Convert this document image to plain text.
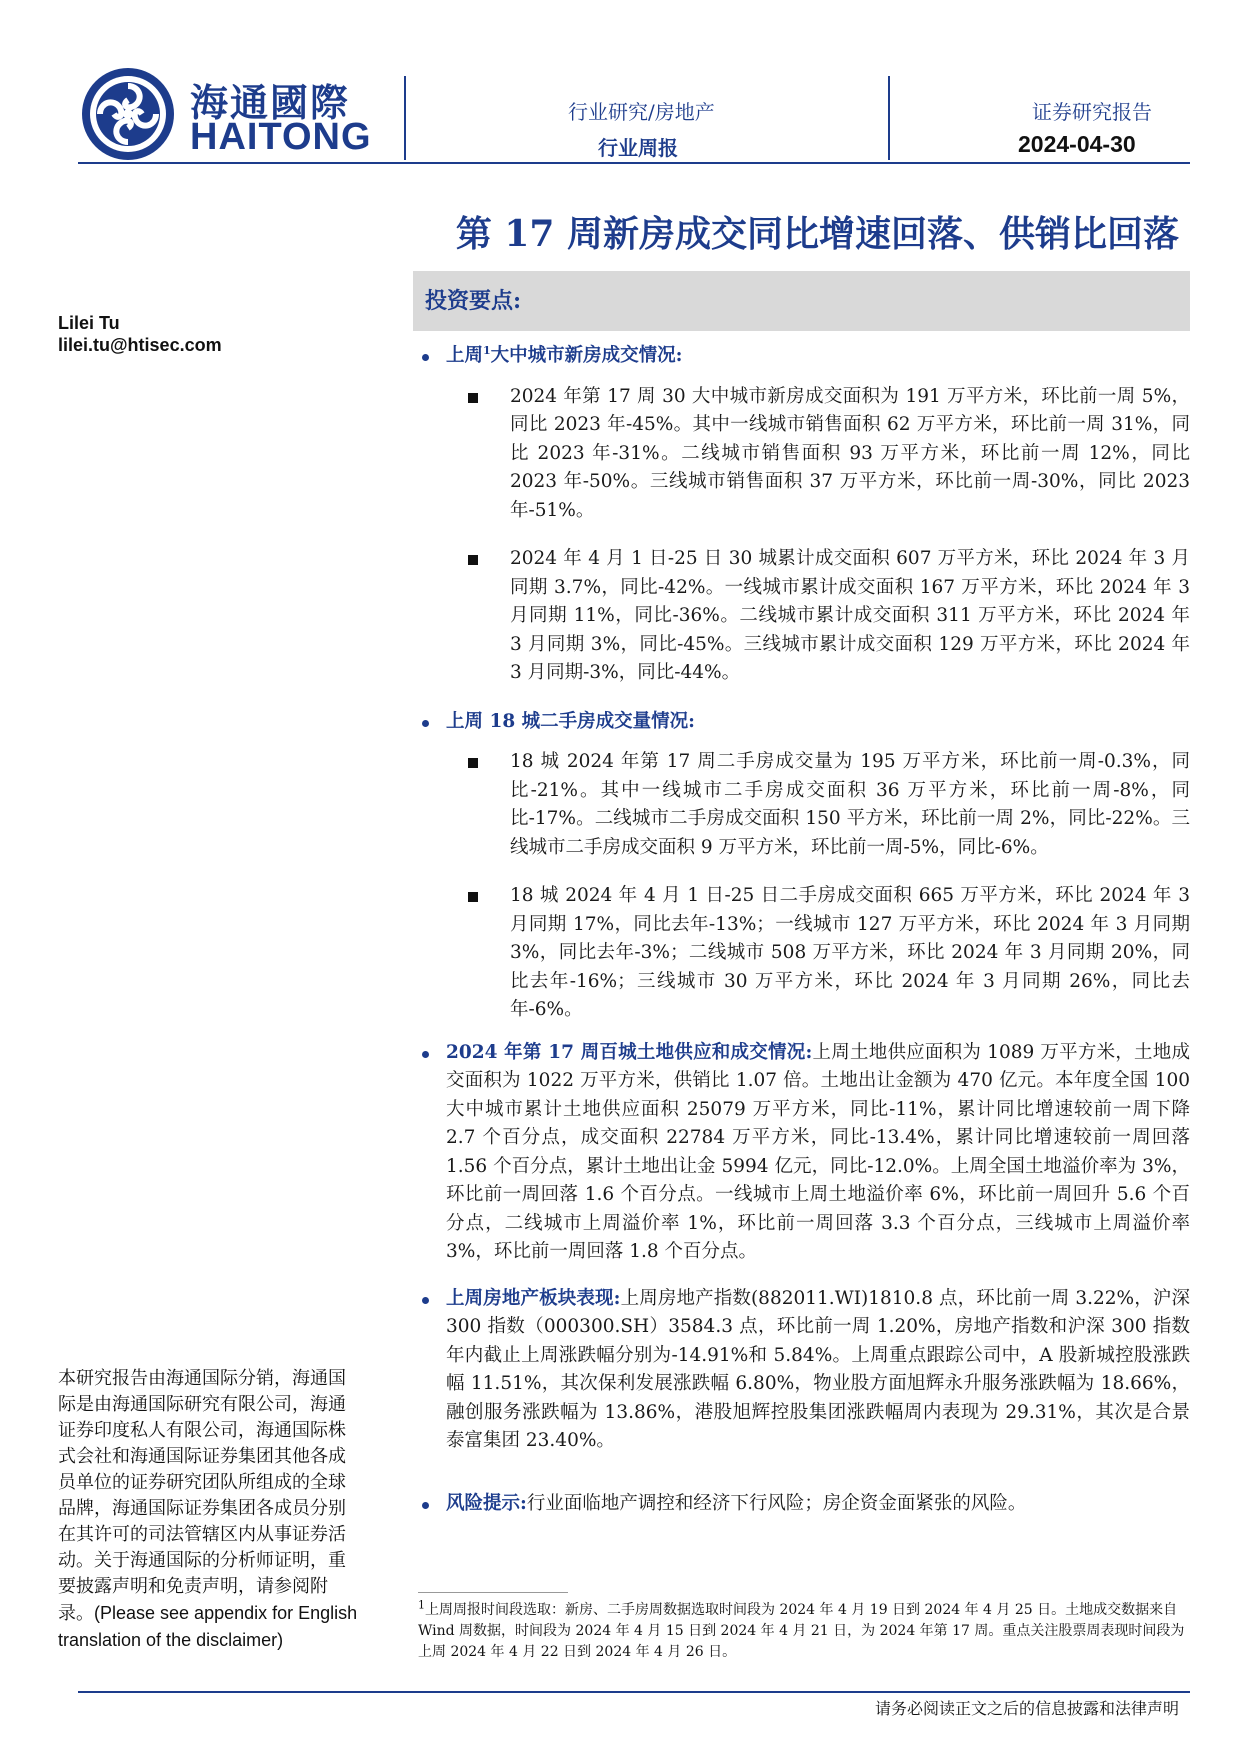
海通國際
HAITONG
行业研究/房地产
行业周报
证券研究报告
2024-04-30
第 17 周新房成交同比增速回落、供销比回落
投资要点:
Lilei Tu
lilei.tu@htisec.com	上周$^1$大中城市新房成交情况:
2024 年第 17 周 30 大中城市新房成交面积为 191 万平方米，环比前一周 5%，同比 2023 年-45%。其中一线城市销售面积 62 万平方米，环比前一周 31%，同比 2023 年-31%。二线城市销售面积 93 万平方米，环比前一周 12%，同比 2023 年-50%。三线城市销售面积 37 万平方米，环比前一周-30%，同比 2023 年-51%。
2024 年 4 月 1 日-25 日 30 城累计成交面积 607 万平方米，环比 2024 年 3 月同期 3.7%，同比-42%。一线城市累计成交面积 167 万平方米，环比 2024 年 3 月同期 11%，同比-36%。二线城市累计成交面积 311 万平方米，环比 2024 年 3 月同期 3%，同比-45%。三线城市累计成交面积 129 万平方米，环比 2024 年 3 月同期-3%，同比-44%。
上周 18 城二手房成交量情况:
18 城 2024 年第 17 周二手房成交量为 195 万平方米，环比前一周-0.3%，同比-21%。其中一线城市二手房成交面积 36 万平方米，环比前一周-8%，同比-17%。二线城市二手房成交面积 150 平方米，环比前一周 2%，同比-22%。三线城市二手房成交面积 9 万平方米，环比前一周-5%，同比-6%。
18 城 2024 年 4 月 1 日-25 日二手房成交面积 665 万平方米，环比 2024 年 3 月同期 17%，同比去年-13%；一线城市 127 万平方米，环比 2024 年 3 月同期 3%，同比去年-3%；二线城市 508 万平方米，环比 2024 年 3 月同期 20%，同比去年-16%；三线城市 30 万平方米，环比 2024 年 3 月同期 26%，同比去年-6%。
2024 年第 17 周百城土地供应和成交情况:上周土地供应面积为 1089 万平方米，土地成交面积为 1022 万平方米，供销比 1.07 倍。土地出让金额为 470 亿元。本年度全国 100 大中城市累计土地供应面积 25079 万平方米，同比-11%，累计同比增速较前一周下降 2.7 个百分点，成交面积 22784 万平方米，同比-13.4%，累计同比增速较前一周回落 1.56 个百分点，累计土地出让金 5994 亿元，同比-12.0%。上周全国土地溢价率为 3%，环比前一周回落 1.6 个百分点。一线城市上周土地溢价率 6%，环比前一周回升 5.6 个百分点，二线城市上周溢价率 1%，环比前一周回落 3.3 个百分点，三线城市上周溢价率 3%，环比前一周回落 1.8 个百分点。
上周房地产板块表现:上周房地产指数(882011.WI)1810.8 点，环比前一周 3.22%，沪深 300 指数（000300.SH）3584.3 点，环比前一周 1.20%，房地产指数和沪深 300 指数年内截止上周涨跌幅分别为-14.91%和 5.84%。上周重点跟踪公司中，A 股新城控股涨跌幅 11.51%，其次保利发展涨跌幅 6.80%，物业股方面旭辉永升服务涨跌幅为 18.66%，融创服务涨跌幅为 13.86%，港股旭辉控股集团涨跌幅周内表现为 29.31%，其次是合景泰富集团 23.40%。
风险提示:行业面临地产调控和经济下行风险；房企资金面紧张的风险。
本研究报告由海通国际分销，海通国际是由海通国际研究有限公司，海通证券印度私人有限公司，海通国际株式会社和海通国际证券集团其他各成员单位的证券研究团队所组成的全球品牌，海通国际证券集团各成员分别在其许可的司法管辖区内从事证券活动。关于海通国际的分析师证明，重要披露声明和免责声明，请参阅附录。(Please see appendix for English translation of the disclaimer)
$^1$上周周报时间段选取：新房、二手房周数据选取时间段为 2024 年 4 月 19 日到 2024 年 4 月 25 日。土地成交数据来自 Wind 周数据，时间段为 2024 年 4 月 15 日到 2024 年 4 月 21 日，为 2024 年第 17 周。重点关注股票周表现时间段为上周 2024 年 4 月 22 日到 2024 年 4 月 26 日。
请务必阅读正文之后的信息披露和法律声明
